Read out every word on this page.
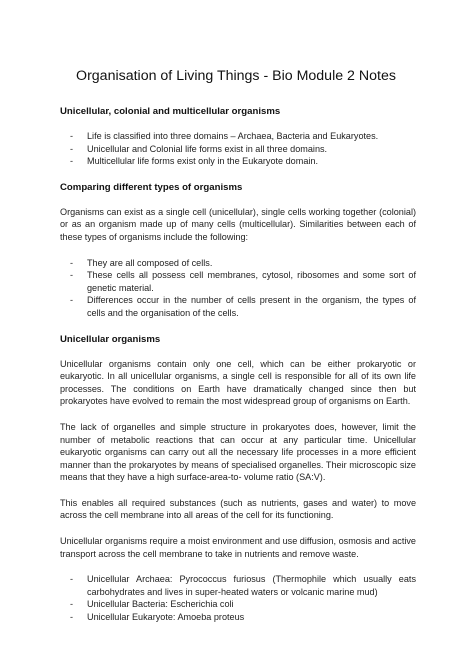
Organisation of Living Things - Bio Module 2 Notes
Unicellular, colonial and multicellular organisms
- Life is classified into three domains – Archaea, Bacteria and Eukaryotes.
- Unicellular and Colonial life forms exist in all three domains.
- Multicellular life forms exist only in the Eukaryote domain.
Comparing different types of organisms
Organisms can exist as a single cell (unicellular), single cells working together (colonial) or as an organism made up of many cells (multicellular). Similarities between each of these types of organisms include the following:
- They are all composed of cells.
- These cells all possess cell membranes, cytosol, ribosomes and some sort of genetic material.
- Differences occur in the number of cells present in the organism, the types of cells and the organisation of the cells.
Unicellular organisms
Unicellular organisms contain only one cell, which can be either prokaryotic or eukaryotic. In all unicellular organisms, a single cell is responsible for all of its own life processes. The conditions on Earth have dramatically changed since then but prokaryotes have evolved to remain the most widespread group of organisms on Earth.
The lack of organelles and simple structure in prokaryotes does, however, limit the number of metabolic reactions that can occur at any particular time. Unicellular eukaryotic organisms can carry out all the necessary life processes in a more efficient manner than the prokaryotes by means of specialised organelles. Their microscopic size means that they have a high surface-area-to- volume ratio (SA:V).
This enables all required substances (such as nutrients, gases and water) to move across the cell membrane into all areas of the cell for its functioning.
Unicellular organisms require a moist environment and use diffusion, osmosis and active transport across the cell membrane to take in nutrients and remove waste.
- Unicellular Archaea: Pyrococcus furiosus (Thermophile which usually eats carbohydrates and lives in super-heated waters or volcanic marine mud)
- Unicellular Bacteria: Escherichia coli
- Unicellular Eukaryote: Amoeba proteus
